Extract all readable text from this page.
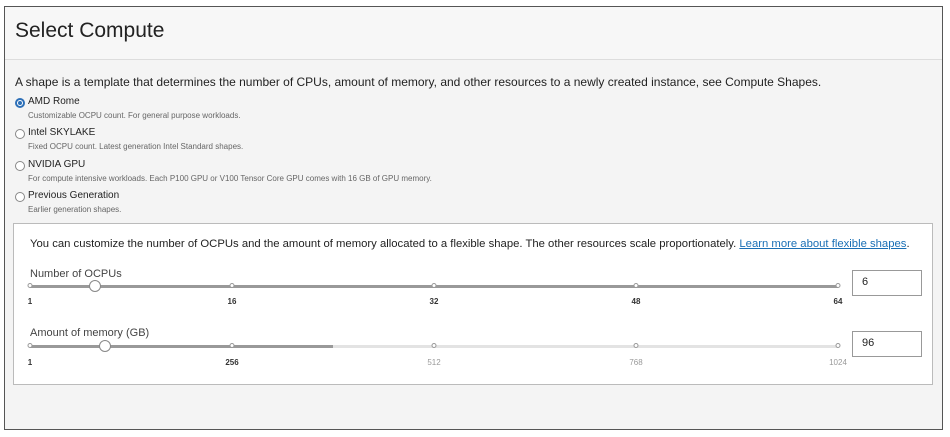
Select Compute
A shape is a template that determines the number of CPUs, amount of memory, and other resources to a newly created instance, see Compute Shapes.
AMD Rome
Customizable OCPU count. For general purpose workloads.
Intel SKYLAKE
Fixed OCPU count. Latest generation Intel Standard shapes.
NVIDIA GPU
For compute intensive workloads. Each P100 GPU or V100 Tensor Core GPU comes with 16 GB of GPU memory.
Previous Generation
Earlier generation shapes.
You can customize the number of OCPUs and the amount of memory allocated to a flexible shape. The other resources scale proportionately. Learn more about flexible shapes.
Number of OCPUs
1	16	32	48	64
6
Amount of memory (GB)
1	256	512	768	1024
96
